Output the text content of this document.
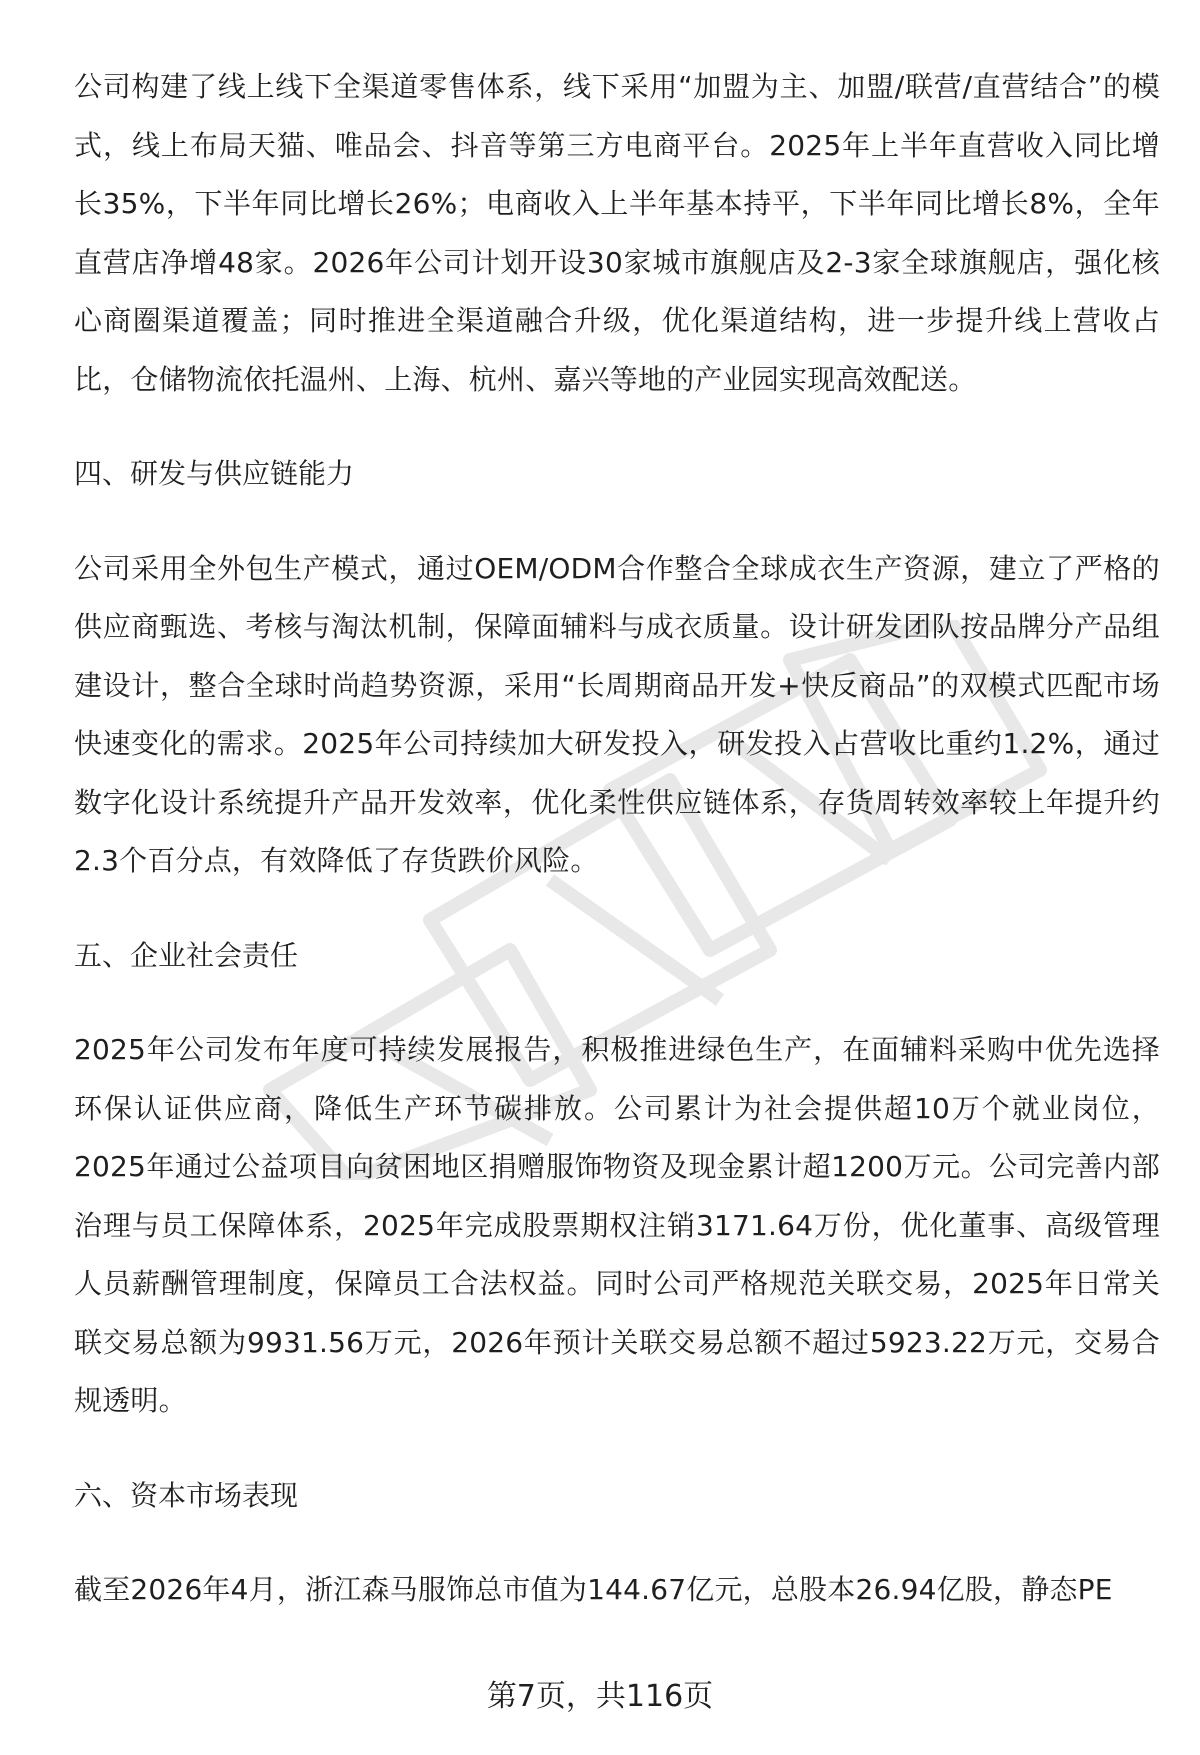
公司构建了线上线下全渠道零售体系，线下采用“加盟为主、加盟/联营/直营结合”的模式，线上布局天猫、唯品会、抖音等第三方电商平台。2025年上半年直营收入同比增长35%，下半年同比增长26%；电商收入上半年基本持平，下半年同比增长8%，全年直营店净增48家。2026年公司计划开设30家城市旗舰店及2-3家全球旗舰店，强化核心商圈渠道覆盖；同时推进全渠道融合升级，优化渠道结构，进一步提升线上营收占比，仓储物流依托温州、上海、杭州、嘉兴等地的产业园实现高效配送。

四、研发与供应链能力

公司采用全外包生产模式，通过OEM/ODM合作整合全球成衣生产资源，建立了严格的供应商甄选、考核与淘汰机制，保障面辅料与成衣质量。设计研发团队按品牌分产品组建设计，整合全球时尚趋势资源，采用“长周期商品开发+快反商品”的双模式匹配市场快速变化的需求。2025年公司持续加大研发投入，研发投入占营收比重约1.2%，通过数字化设计系统提升产品开发效率，优化柔性供应链体系，存货周转效率较上年提升约2.3个百分点，有效降低了存货跌价风险。

五、企业社会责任

2025年公司发布年度可持续发展报告，积极推进绿色生产，在面辅料采购中优先选择环保认证供应商，降低生产环节碳排放。公司累计为社会提供超10万个就业岗位，2025年通过公益项目向贫困地区捐赠服饰物资及现金累计超1200万元。公司完善内部治理与员工保障体系，2025年完成股票期权注销3171.64万份，优化董事、高级管理人员薪酬管理制度，保障员工合法权益。同时公司严格规范关联交易，2025年日常关联交易总额为9931.56万元，2026年预计关联交易总额不超过5923.22万元，交易合规透明。

六、资本市场表现

截至2026年4月，浙江森马服饰总市值为144.67亿元，总股本26.94亿股，静态PE

第7页，共116页
